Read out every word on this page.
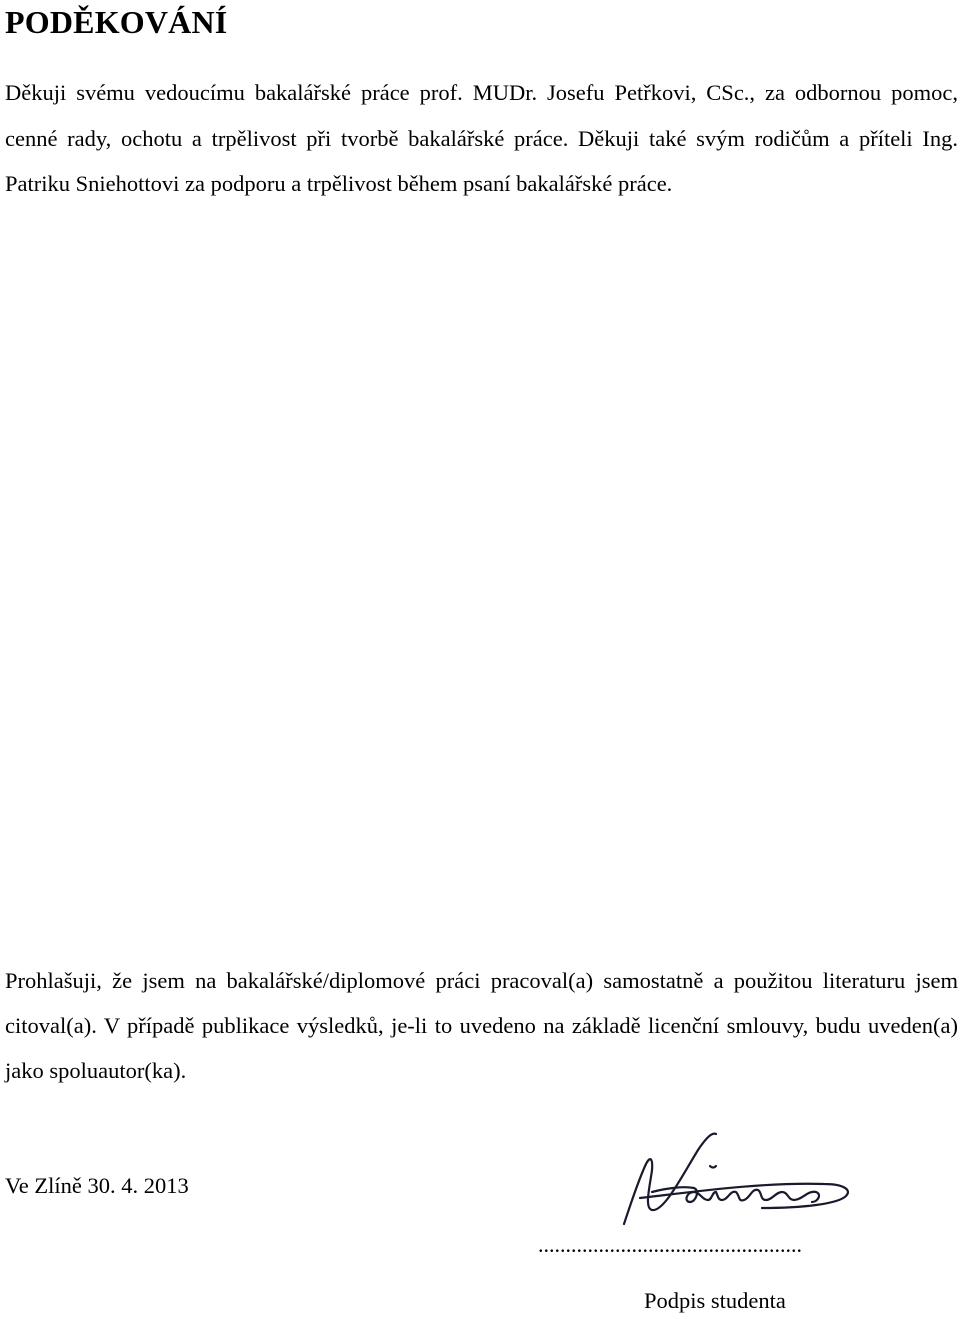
PODĚKOVÁNÍ

Děkuji svému vedoucímu bakalářské práce prof. MUDr. Josefu Petřkovi, CSc., za odbornou pomoc, cenné rady, ochotu a trpělivost při tvorbě bakalářské práce. Děkuji také svým rodičům a příteli Ing. Patriku Sniehottovi za podporu a trpělivost během psaní bakalářské práce.

Prohlašuji, že jsem na bakalářské/diplomové práci pracoval(a) samostatně a použitou literaturu jsem citoval(a). V případě publikace výsledků, je-li to uvedeno na základě licenční smlouvy, budu uveden(a) jako spoluautor(ka).

Ve Zlíně 30. 4. 2013

................................................

Podpis studenta
